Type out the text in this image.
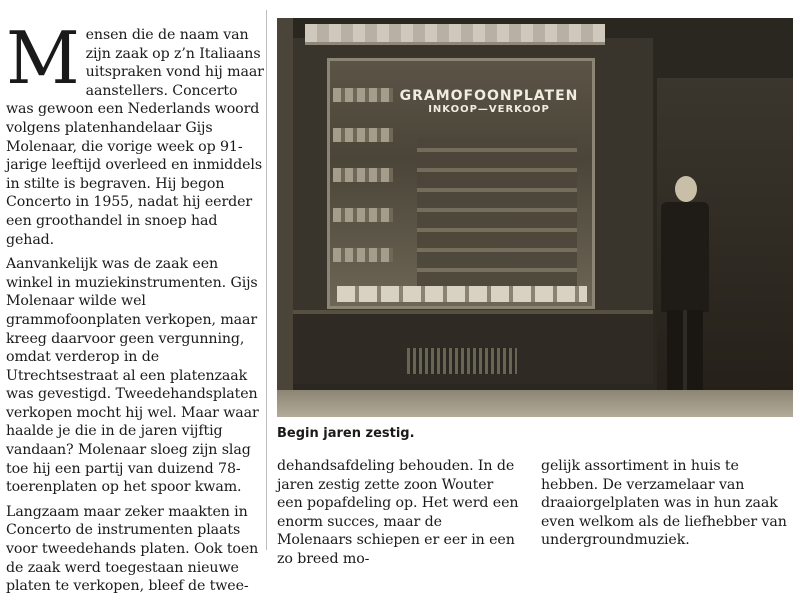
M ensen die de naam van zijn zaak op z’n Italiaans uitspraken vond hij maar aanstellers. Concerto was gewoon een Nederlands woord volgens platenhandelaar Gijs Molenaar, die vorige week op 91-jarige leeftijd overleed en inmiddels in stilte is begraven. Hij begon Concerto in 1955, nadat hij eerder een groothandel in snoep had gehad.
Aanvankelijk was de zaak een winkel in muziekinstrumenten. Gijs Molenaar wilde wel grammofoonplaten verkopen, maar kreeg daarvoor geen vergunning, omdat verderop in de Utrechtsestraat al een platenzaak was gevestigd. Tweedehandsplaten verkopen mocht hij wel. Maar waar haalde je die in de jaren vijftig vandaan? Molenaar sloeg zijn slag toe hij een partij van duizend 78-toerenplaten op het spoor kwam.
Langzaam maar zeker maakten in Concerto de instrumenten plaats voor tweedehands platen. Ook toen de zaak werd toegestaan nieuwe platen te verkopen, bleef de twee-
GRAMOFOONPLATEN
INKOOP—VERKOOP
Begin jaren zestig.
dehandsafdeling behouden. In de jaren zestig zette zoon Wouter een popafdeling op. Het werd een enorm succes, maar de Molenaars schiepen er eer in een zo breed mo-
gelijk assortiment in huis te hebben. De verzamelaar van draaiorgelplaten was in hun zaak even welkom als de liefhebber van undergroundmuziek.
